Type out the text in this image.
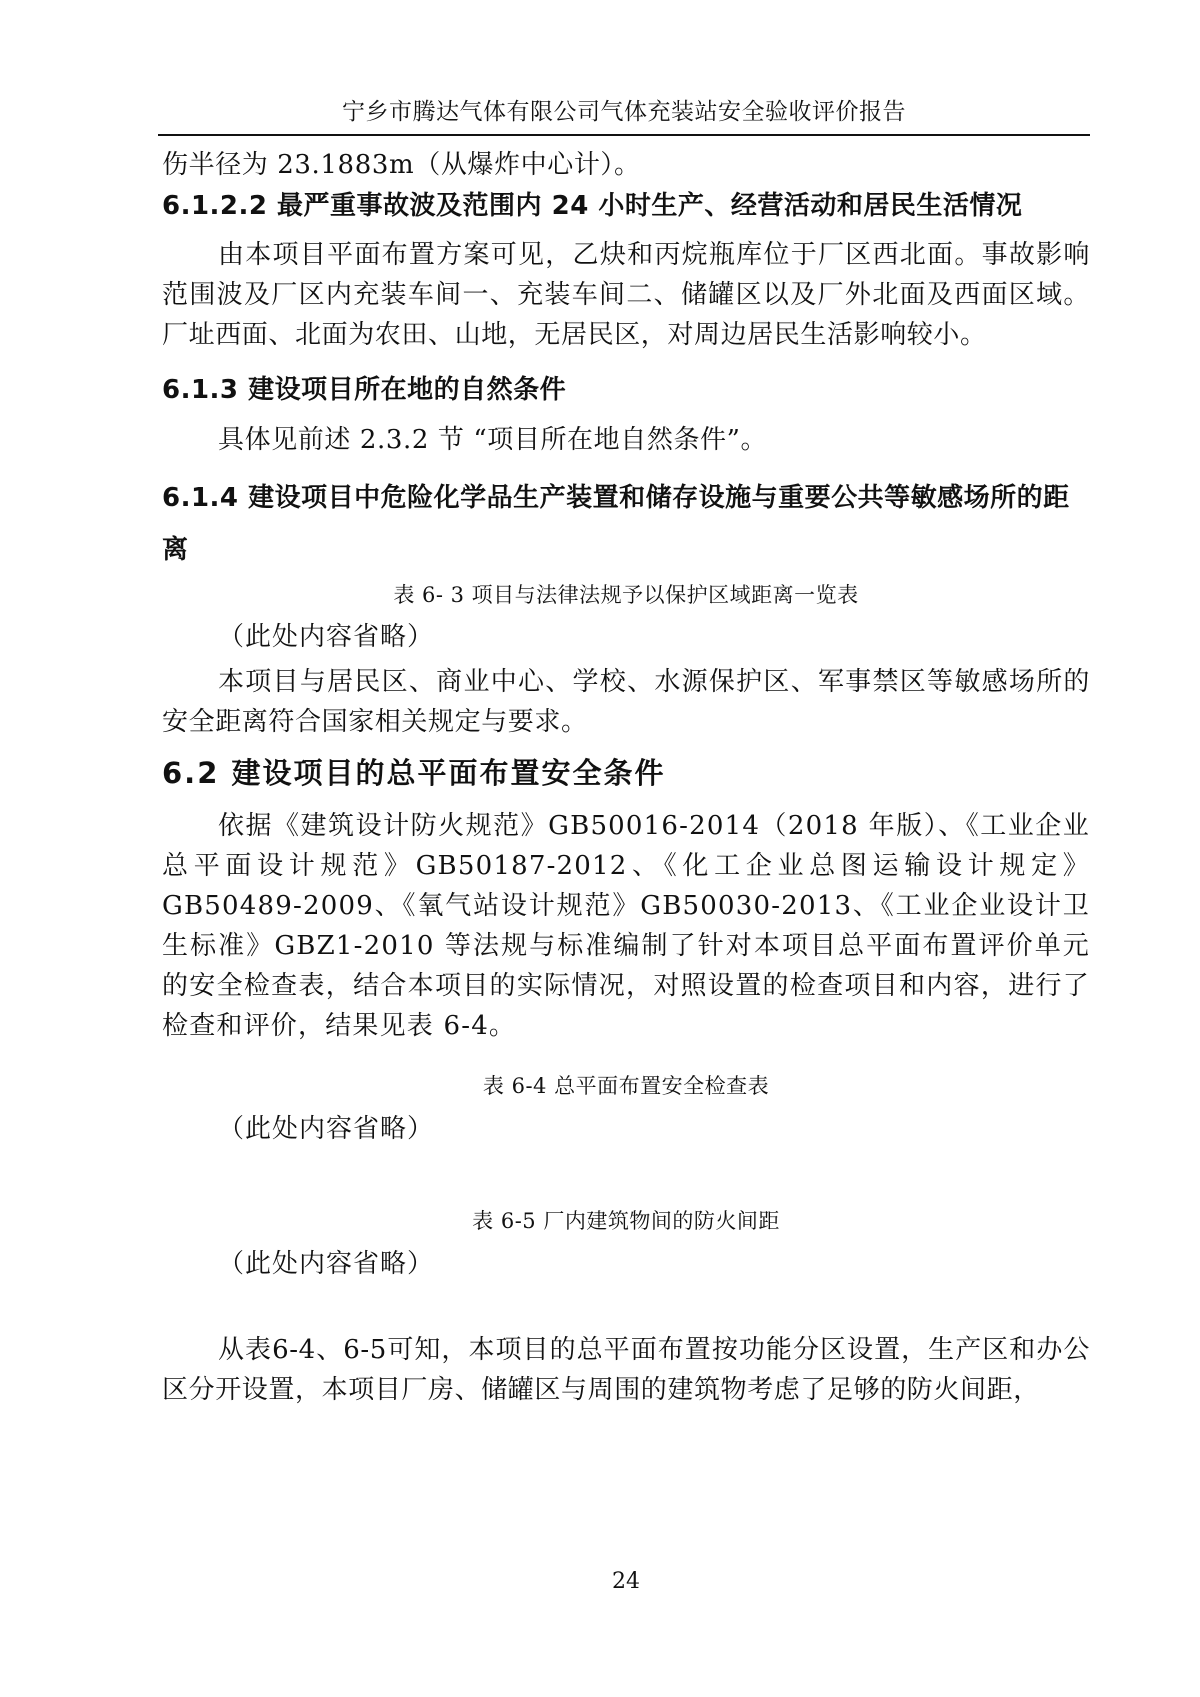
宁乡市腾达气体有限公司气体充装站安全验收评价报告

伤半径为 23.1883m（从爆炸中心计）。

6.1.2.2 最严重事故波及范围内 24 小时生产、经营活动和居民生活情况

由本项目平面布置方案可见，乙炔和丙烷瓶库位于厂区西北面。事故影响范围波及厂区内充装车间一、充装车间二、储罐区以及厂外北面及西面区域。厂址西面、北面为农田、山地，无居民区，对周边居民生活影响较小。

6.1.3 建设项目所在地的自然条件

具体见前述 2.3.2 节 “项目所在地自然条件”。

6.1.4 建设项目中危险化学品生产装置和储存设施与重要公共等敏感场所的距离
表 6- 3 项目与法律法规予以保护区域距离一览表
（此处内容省略）

本项目与居民区、商业中心、学校、水源保护区、军事禁区等敏感场所的安全距离符合国家相关规定与要求。

6.2 建设项目的总平面布置安全条件

依据《建筑设计防火规范》GB50016-2014（2018 年版）、《工业企业总平面设计规范》GB50187-2012、《化工企业总图运输设计规定》GB50489-2009、《氧气站设计规范》GB50030-2013、《工业企业设计卫生标准》GBZ1-2010 等法规与标准编制了针对本项目总平面布置评价单元的安全检查表，结合本项目的实际情况，对照设置的检查项目和内容，进行了检查和评价，结果见表 6-4。

表 6-4 总平面布置安全检查表
（此处内容省略）
表 6-5 厂内建筑物间的防火间距
（此处内容省略）

从表6-4、6-5可知，本项目的总平面布置按功能分区设置，生产区和办公区分开设置，本项目厂房、储罐区与周围的建筑物考虑了足够的防火间距，

24
